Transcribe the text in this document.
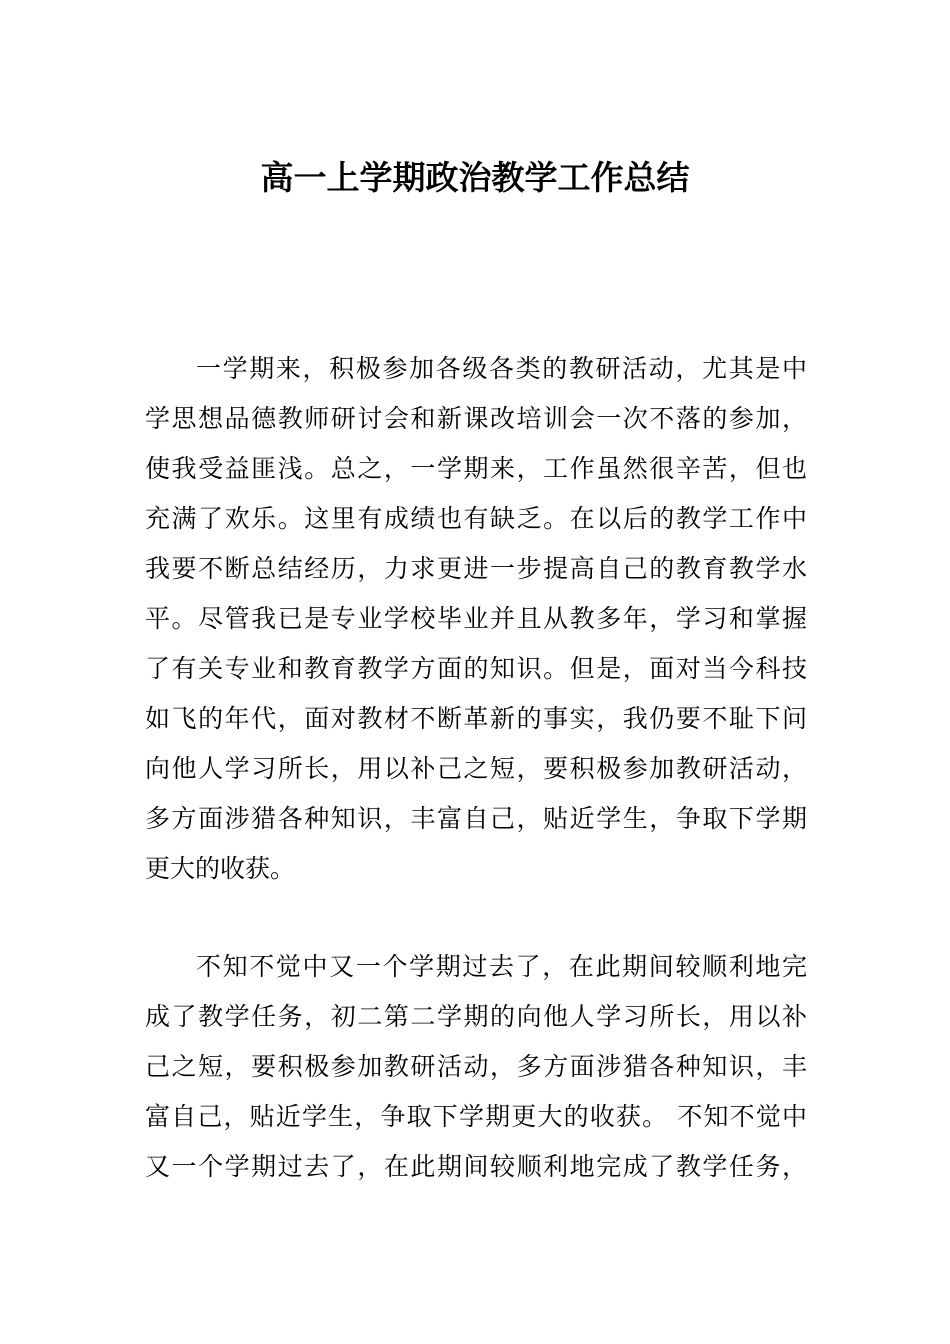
高一上学期政治教学工作总结
一学期来，积极参加各级各类的教研活动，尤其是中
学思想品德教师研讨会和新课改培训会一次不落的参加，
使我受益匪浅。总之，一学期来，工作虽然很辛苦，但也
充满了欢乐。这里有成绩也有缺乏。在以后的教学工作中
我要不断总结经历，力求更进一步提高自己的教育教学水
平。尽管我已是专业学校毕业并且从教多年，学习和掌握
了有关专业和教育教学方面的知识。但是，面对当今科技
如飞的年代，面对教材不断革新的事实，我仍要不耻下问
向他人学习所长，用以补己之短，要积极参加教研活动，
多方面涉猎各种知识，丰富自己，贴近学生，争取下学期
更大的收获。
不知不觉中又一个学期过去了，在此期间较顺利地完
成了教学任务，初二第二学期的向他人学习所长，用以补
己之短，要积极参加教研活动，多方面涉猎各种知识，丰
富自己，贴近学生，争取下学期更大的收获。 不知不觉中
又一个学期过去了，在此期间较顺利地完成了教学任务，
